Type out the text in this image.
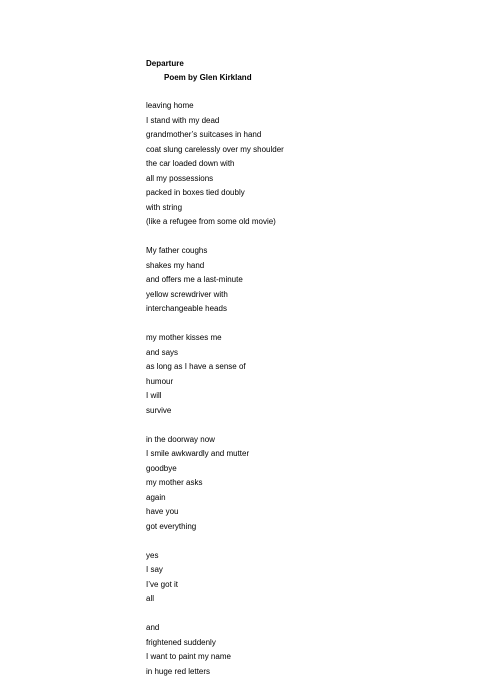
Departure
Poem by Glen Kirkland
leaving home
I stand with my dead
grandmother’s suitcases in hand
coat slung carelessly over my shoulder
the car loaded down with
all my possessions
packed in boxes tied doubly
with string
(like a refugee from some old movie)
My father coughs
shakes my hand
and offers me a last-minute
yellow screwdriver with
interchangeable heads
my mother kisses me
and says
as long as I have a sense of
humour
I will
survive
in the doorway now
I smile awkwardly and mutter
goodbye
my mother asks
again
have you
got everything
yes
I say
I’ve got it
all
and
frightened suddenly
I want to paint my name
in huge red letters
